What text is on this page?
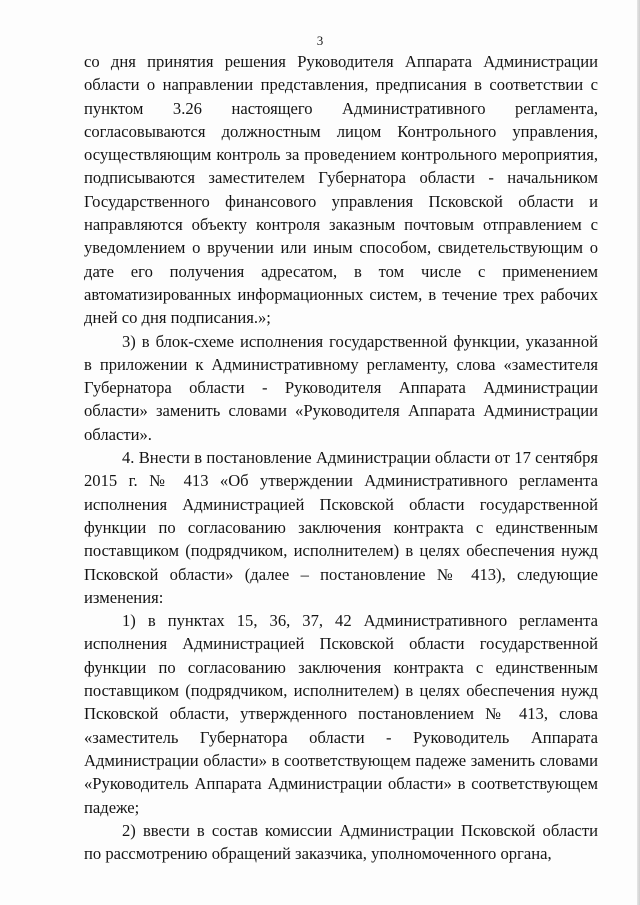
3

со дня принятия решения Руководителя Аппарата Администрации области о направлении представления, предписания в соответствии с пунктом 3.26 настоящего Административного регламента, согласовываются должностным лицом Контрольного управления, осуществляющим контроль за проведением контрольного мероприятия, подписываются заместителем Губернатора области - начальником Государственного финансового управления Псковской области и направляются объекту контроля заказным почтовым отправлением с уведомлением о вручении или иным способом, свидетельствующим о дате его получения адресатом, в том числе с применением автоматизированных информационных систем, в течение трех рабочих дней со дня подписания.»;

3) в блок-схеме исполнения государственной функции, указанной в приложении к Административному регламенту, слова «заместителя Губернатора области - Руководителя Аппарата Администрации области» заменить словами «Руководителя Аппарата Администрации области».

4. Внести в постановление Администрации области от 17 сентября 2015 г. № 413 «Об утверждении Административного регламента исполнения Администрацией Псковской области государственной функции по согласованию заключения контракта с единственным поставщиком (подрядчиком, исполнителем) в целях обеспечения нужд Псковской области» (далее – постановление № 413), следующие изменения:

1) в пунктах 15, 36, 37, 42 Административного регламента исполнения Администрацией Псковской области государственной функции по согласованию заключения контракта с единственным поставщиком (подрядчиком, исполнителем) в целях обеспечения нужд Псковской области, утвержденного постановлением № 413, слова «заместитель Губернатора области - Руководитель Аппарата Администрации области» в соответствующем падеже заменить словами «Руководитель Аппарата Администрации области» в соответствующем падеже;

2) ввести в состав комиссии Администрации Псковской области по рассмотрению обращений заказчика, уполномоченного органа,
